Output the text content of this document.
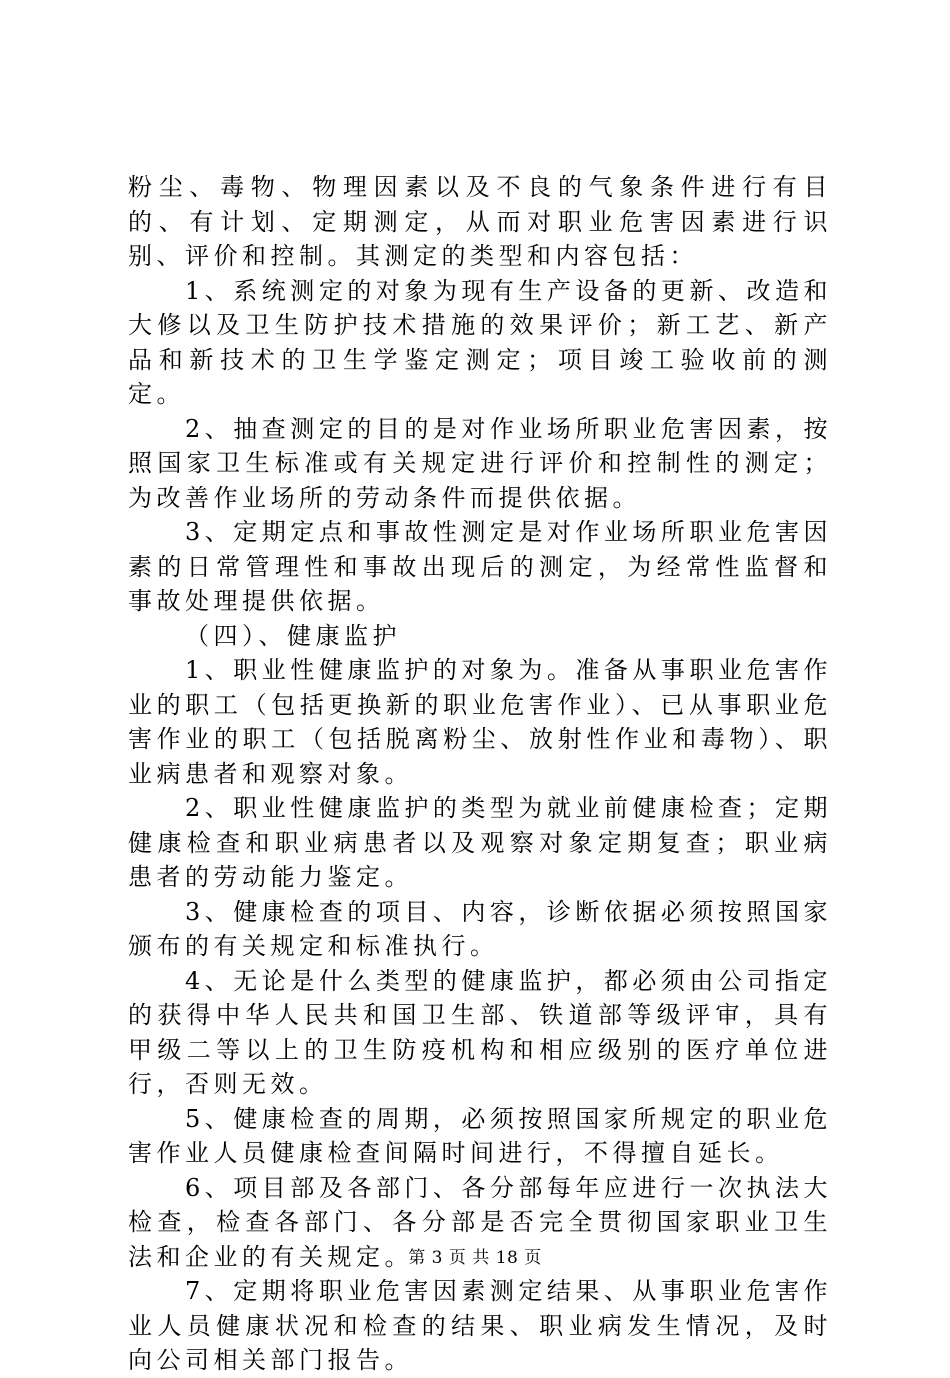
粉尘、毒物、物理因素以及不良的气象条件进行有目的、有计划、定期测定，从而对职业危害因素进行识别、评价和控制。其测定的类型和内容包括：

1、系统测定的对象为现有生产设备的更新、改造和大修以及卫生防护技术措施的效果评价；新工艺、新产品和新技术的卫生学鉴定测定；项目竣工验收前的测定。

2、抽查测定的目的是对作业场所职业危害因素，按照国家卫生标准或有关规定进行评价和控制性的测定；为改善作业场所的劳动条件而提供依据。

3、定期定点和事故性测定是对作业场所职业危害因素的日常管理性和事故出现后的测定，为经常性监督和事故处理提供依据。

（四）、健康监护

1、职业性健康监护的对象为。准备从事职业危害作业的职工（包括更换新的职业危害作业）、已从事职业危害作业的职工（包括脱离粉尘、放射性作业和毒物）、职业病患者和观察对象。

2、职业性健康监护的类型为就业前健康检查；定期健康检查和职业病患者以及观察对象定期复查；职业病患者的劳动能力鉴定。

3、健康检查的项目、内容，诊断依据必须按照国家颁布的有关规定和标准执行。

4、无论是什么类型的健康监护，都必须由公司指定的获得中华人民共和国卫生部、铁道部等级评审，具有甲级二等以上的卫生防疫机构和相应级别的医疗单位进行，否则无效。

5、健康检查的周期，必须按照国家所规定的职业危害作业人员健康检查间隔时间进行，不得擅自延长。

6、项目部及各部门、各分部每年应进行一次执法大检查，检查各部门、各分部是否完全贯彻国家职业卫生法和企业的有关规定。

7、定期将职业危害因素测定结果、从事职业危害作业人员健康状况和检查的结果、职业病发生情况，及时向公司相关部门报告。

第 3 页 共 18 页
